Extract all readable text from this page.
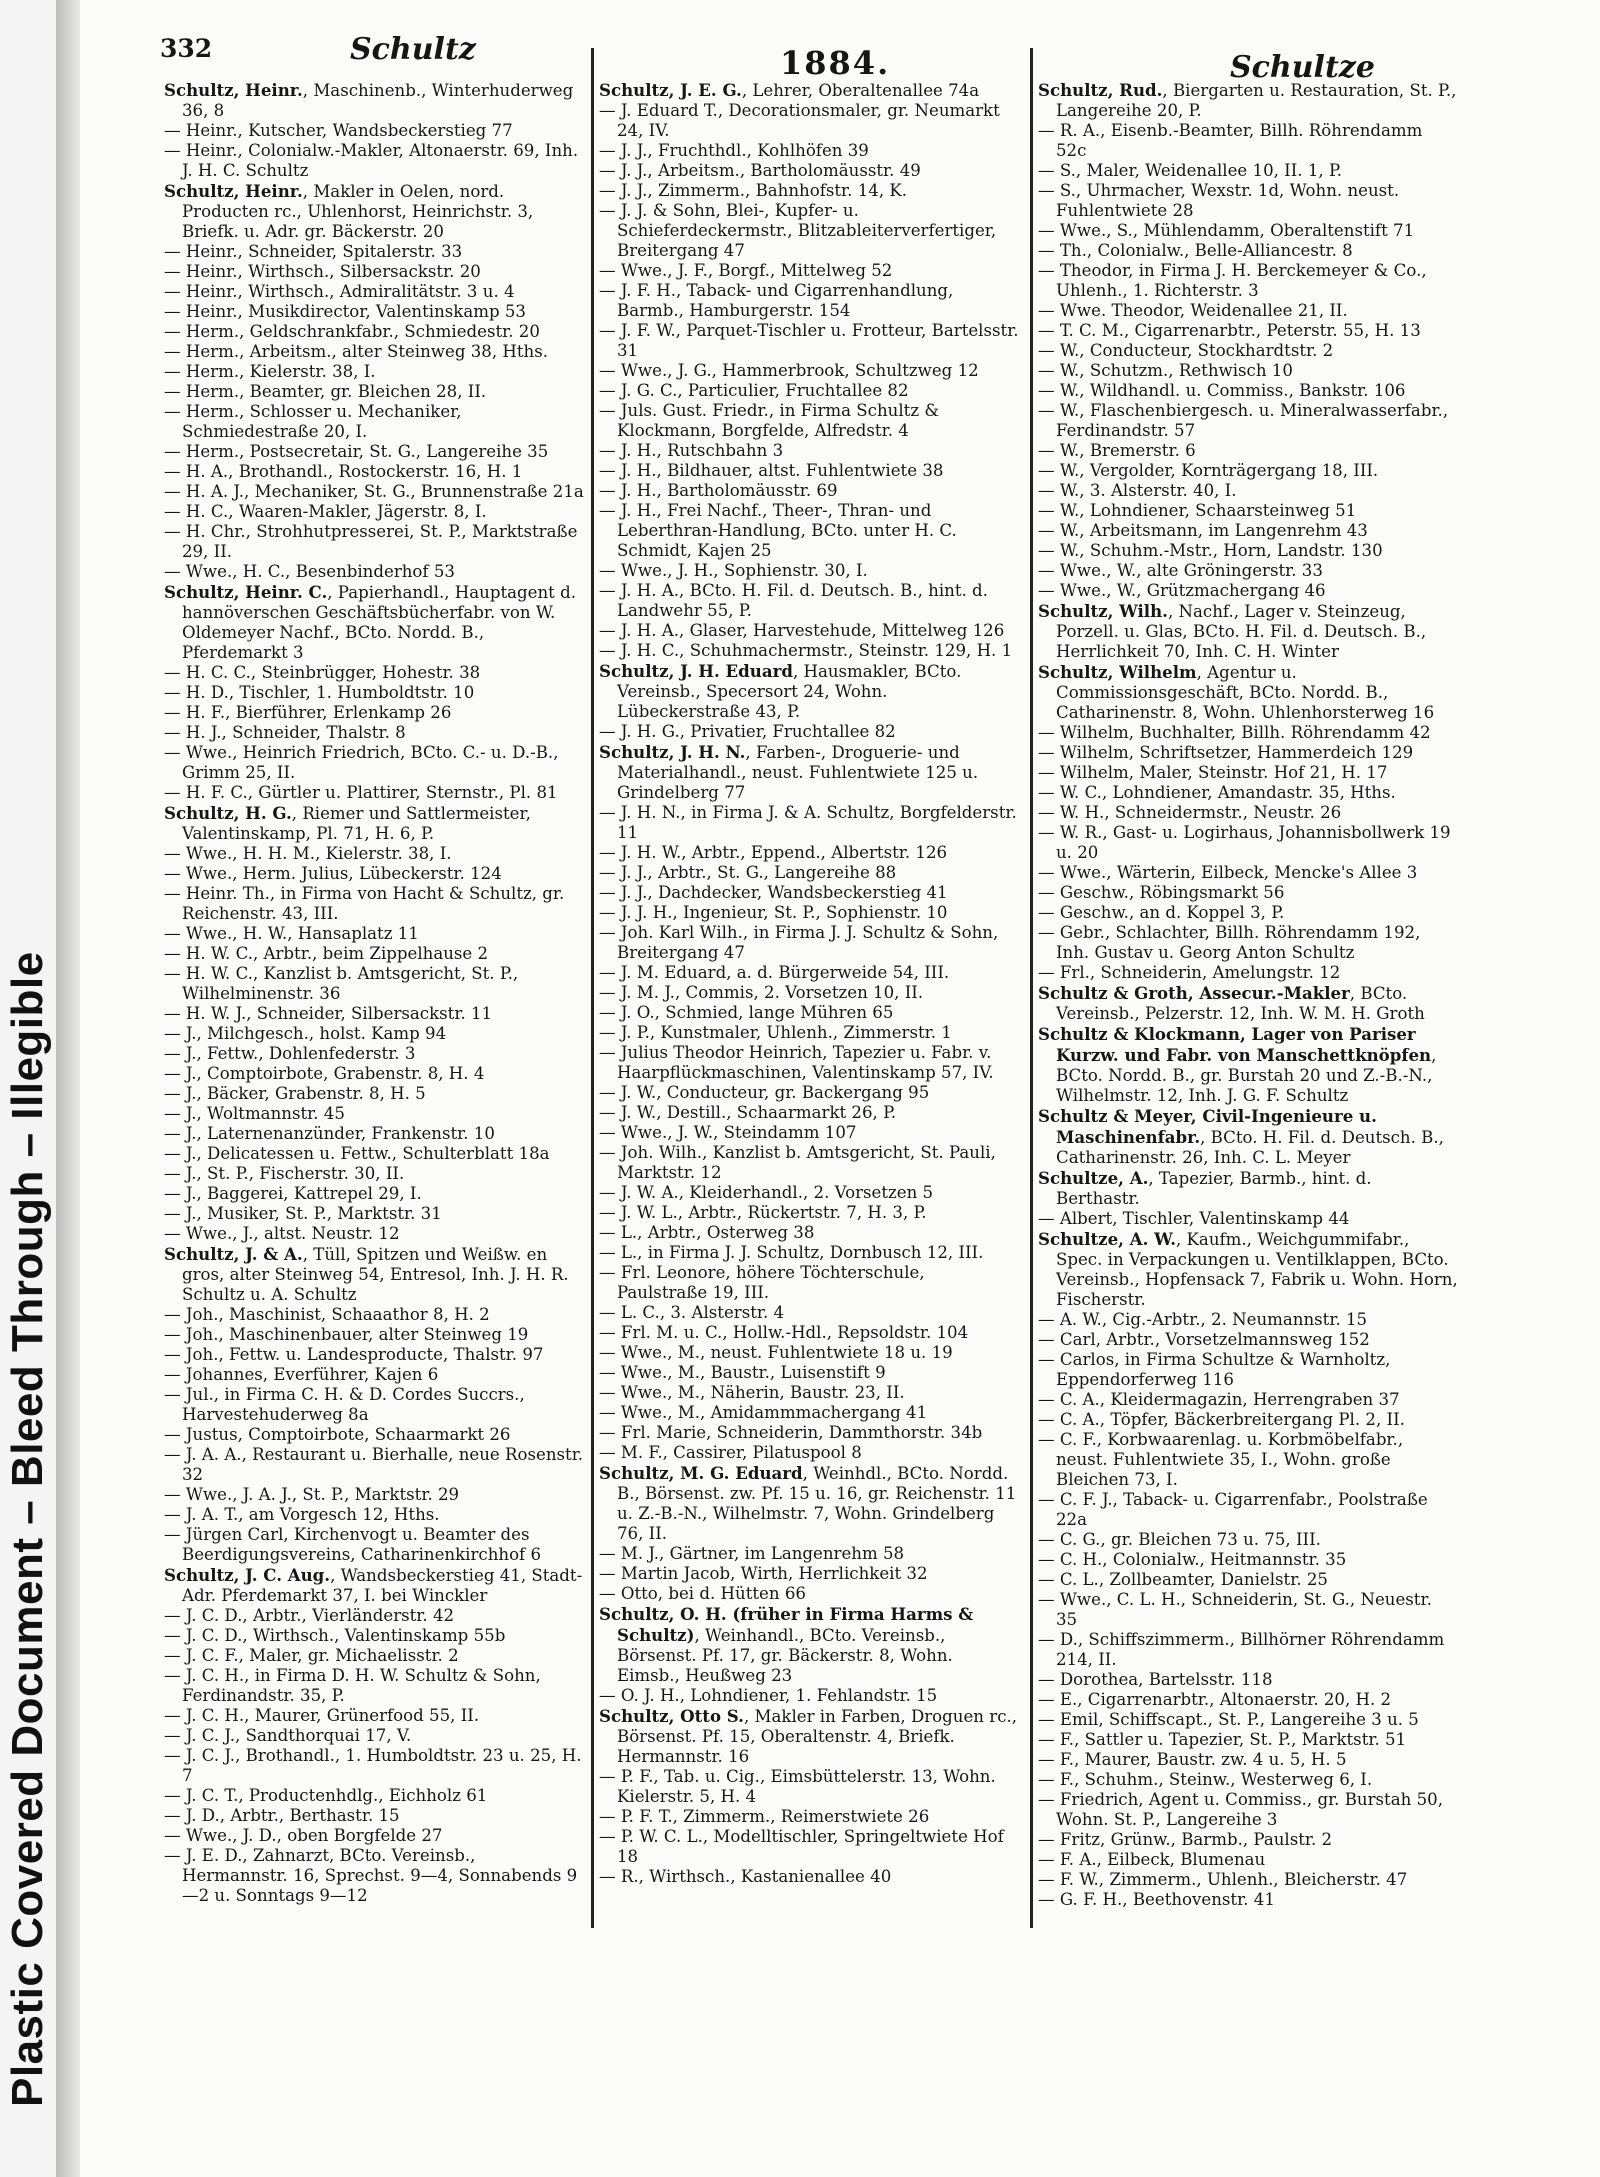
Plastic Covered Document – Bleed Through – Illegible
332	Schultz	1884.	Schultze

Schultz, Heinr., Maschinenb., Winterhuderweg 36, 8

— Heinr., Kutscher, Wandsbeckerstieg 77

— Heinr., Colonialw.-Makler, Altonaerstr. 69, Inh. J. H. C. Schultz

Schultz, Heinr., Makler in Oelen, nord. Producten rc., Uhlenhorst, Heinrichstr. 3, Briefk. u. Adr. gr. Bäckerstr. 20

— Heinr., Schneider, Spitalerstr. 33

— Heinr., Wirthsch., Silbersackstr. 20

— Heinr., Wirthsch., Admiralitätstr. 3 u. 4

— Heinr., Musikdirector, Valentinskamp 53

— Herm., Geldschrankfabr., Schmiedestr. 20

— Herm., Arbeitsm., alter Steinweg 38, Hths.

— Herm., Kielerstr. 38, I.

— Herm., Beamter, gr. Bleichen 28, II.

— Herm., Schlosser u. Mechaniker, Schmiedestraße 20, I.

— Herm., Postsecretair, St. G., Langereihe 35

— H. A., Brothandl., Rostockerstr. 16, H. 1

— H. A. J., Mechaniker, St. G., Brunnenstraße 21a

— H. C., Waaren-Makler, Jägerstr. 8, I.

— H. Chr., Strohhutpresserei, St. P., Marktstraße 29, II.

— Wwe., H. C., Besenbinderhof 53

Schultz, Heinr. C., Papierhandl., Hauptagent d. hannöverschen Geschäftsbücherfabr. von W. Oldemeyer Nachf., BCto. Nordd. B., Pferdemarkt 3

— H. C. C., Steinbrügger, Hohestr. 38

— H. D., Tischler, 1. Humboldtstr. 10

— H. F., Bierführer, Erlenkamp 26

— H. J., Schneider, Thalstr. 8

— Wwe., Heinrich Friedrich, BCto. C.- u. D.-B., Grimm 25, II.

— H. F. C., Gürtler u. Plattirer, Sternstr., Pl. 81

Schultz, H. G., Riemer und Sattlermeister, Valentinskamp, Pl. 71, H. 6, P.

— Wwe., H. H. M., Kielerstr. 38, I.

— Wwe., Herm. Julius, Lübeckerstr. 124

— Heinr. Th., in Firma von Hacht & Schultz, gr. Reichenstr. 43, III.

— Wwe., H. W., Hansaplatz 11

— H. W. C., Arbtr., beim Zippelhause 2

— H. W. C., Kanzlist b. Amtsgericht, St. P., Wilhelminenstr. 36

— H. W. J., Schneider, Silbersackstr. 11

— J., Milchgesch., holst. Kamp 94

— J., Fettw., Dohlenfederstr. 3

— J., Comptoirbote, Grabenstr. 8, H. 4

— J., Bäcker, Grabenstr. 8, H. 5

— J., Woltmannstr. 45

— J., Laternenanzünder, Frankenstr. 10

— J., Delicatessen u. Fettw., Schulterblatt 18a

— J., St. P., Fischerstr. 30, II.

— J., Baggerei, Kattrepel 29, I.

— J., Musiker, St. P., Marktstr. 31

— Wwe., J., altst. Neustr. 12

Schultz, J. & A., Tüll, Spitzen und Weißw. en gros, alter Steinweg 54, Entresol, Inh. J. H. R. Schultz u. A. Schultz

— Joh., Maschinist, Schaaathor 8, H. 2

— Joh., Maschinenbauer, alter Steinweg 19

— Joh., Fettw. u. Landesproducte, Thalstr. 97

— Johannes, Everführer, Kajen 6

— Jul., in Firma C. H. & D. Cordes Succrs., Harvestehuderweg 8a

— Justus, Comptoirbote, Schaarmarkt 26

— J. A. A., Restaurant u. Bierhalle, neue Rosenstr. 32

— Wwe., J. A. J., St. P., Marktstr. 29

— J. A. T., am Vorgesch 12, Hths.

— Jürgen Carl, Kirchenvogt u. Beamter des Beerdigungsvereins, Catharinenkirchhof 6

Schultz, J. C. Aug., Wandsbeckerstieg 41, Stadt-Adr. Pferdemarkt 37, I. bei Winckler

— J. C. D., Arbtr., Vierländerstr. 42

— J. C. D., Wirthsch., Valentinskamp 55b

— J. C. F., Maler, gr. Michaelisstr. 2

— J. C. H., in Firma D. H. W. Schultz & Sohn, Ferdinandstr. 35, P.

— J. C. H., Maurer, Grünerfood 55, II.

— J. C. J., Sandthorquai 17, V.

— J. C. J., Brothandl., 1. Humboldtstr. 23 u. 25, H. 7

— J. C. T., Productenhdlg., Eichholz 61

— J. D., Arbtr., Berthastr. 15

— Wwe., J. D., oben Borgfelde 27

— J. E. D., Zahnarzt, BCto. Vereinsb., Hermannstr. 16, Sprechst. 9—4, Sonnabends 9—2 u. Sonntags 9—12

Schultz, J. E. G., Lehrer, Oberaltenallee 74a

— J. Eduard T., Decorationsmaler, gr. Neumarkt 24, IV.

— J. J., Fruchthdl., Kohlhöfen 39

— J. J., Arbeitsm., Bartholomäusstr. 49

— J. J., Zimmerm., Bahnhofstr. 14, K.

— J. J. & Sohn, Blei-, Kupfer- u. Schieferdeckermstr., Blitzableiterverfertiger, Breitergang 47

— Wwe., J. F., Borgf., Mittelweg 52

— J. F. H., Taback- und Cigarrenhandlung, Barmb., Hamburgerstr. 154

— J. F. W., Parquet-Tischler u. Frotteur, Bartelsstr. 31

— Wwe., J. G., Hammerbrook, Schultzweg 12

— J. G. C., Particulier, Fruchtallee 82

— Juls. Gust. Friedr., in Firma Schultz & Klockmann, Borgfelde, Alfredstr. 4

— J. H., Rutschbahn 3

— J. H., Bildhauer, altst. Fuhlentwiete 38

— J. H., Bartholomäusstr. 69

— J. H., Frei Nachf., Theer-, Thran- und Leberthran-Handlung, BCto. unter H. C. Schmidt, Kajen 25

— Wwe., J. H., Sophienstr. 30, I.

— J. H. A., BCto. H. Fil. d. Deutsch. B., hint. d. Landwehr 55, P.

— J. H. A., Glaser, Harvestehude, Mittelweg 126

— J. H. C., Schuhmachermstr., Steinstr. 129, H. 1

Schultz, J. H. Eduard, Hausmakler, BCto. Vereinsb., Specersort 24, Wohn. Lübeckerstraße 43, P.

— J. H. G., Privatier, Fruchtallee 82

Schultz, J. H. N., Farben-, Droguerie- und Materialhandl., neust. Fuhlentwiete 125 u. Grindelberg 77

— J. H. N., in Firma J. & A. Schultz, Borgfelderstr. 11

— J. H. W., Arbtr., Eppend., Albertstr. 126

— J. J., Arbtr., St. G., Langereihe 88

— J. J., Dachdecker, Wandsbeckerstieg 41

— J. J. H., Ingenieur, St. P., Sophienstr. 10

— Joh. Karl Wilh., in Firma J. J. Schultz & Sohn, Breitergang 47

— J. M. Eduard, a. d. Bürgerweide 54, III.

— J. M. J., Commis, 2. Vorsetzen 10, II.

— J. O., Schmied, lange Mühren 65

— J. P., Kunstmaler, Uhlenh., Zimmerstr. 1

— Julius Theodor Heinrich, Tapezier u. Fabr. v. Haarpflückmaschinen, Valentinskamp 57, IV.

— J. W., Conducteur, gr. Backergang 95

— J. W., Destill., Schaarmarkt 26, P.

— Wwe., J. W., Steindamm 107

— Joh. Wilh., Kanzlist b. Amtsgericht, St. Pauli, Marktstr. 12

— J. W. A., Kleiderhandl., 2. Vorsetzen 5

— J. W. L., Arbtr., Rückertstr. 7, H. 3, P.

— L., Arbtr., Osterweg 38

— L., in Firma J. J. Schultz, Dornbusch 12, III.

— Frl. Leonore, höhere Töchterschule, Paulstraße 19, III.

— L. C., 3. Alsterstr. 4

— Frl. M. u. C., Hollw.-Hdl., Repsoldstr. 104

— Wwe., M., neust. Fuhlentwiete 18 u. 19

— Wwe., M., Baustr., Luisenstift 9

— Wwe., M., Näherin, Baustr. 23, II.

— Wwe., M., Amidammmachergang 41

— Frl. Marie, Schneiderin, Dammthorstr. 34b

— M. F., Cassirer, Pilatuspool 8

Schultz, M. G. Eduard, Weinhdl., BCto. Nordd. B., Börsenst. zw. Pf. 15 u. 16, gr. Reichenstr. 11 u. Z.-B.-N., Wilhelmstr. 7, Wohn. Grindelberg 76, II.

— M. J., Gärtner, im Langenrehm 58

— Martin Jacob, Wirth, Herrlichkeit 32

— Otto, bei d. Hütten 66

Schultz, O. H. (früher in Firma Harms & Schultz), Weinhandl., BCto. Vereinsb., Börsenst. Pf. 17, gr. Bäckerstr. 8, Wohn. Eimsb., Heußweg 23

— O. J. H., Lohndiener, 1. Fehlandstr. 15

Schultz, Otto S., Makler in Farben, Droguen rc., Börsenst. Pf. 15, Oberaltenstr. 4, Briefk. Hermannstr. 16

— P. F., Tab. u. Cig., Eimsbüttelerstr. 13, Wohn. Kielerstr. 5, H. 4

— P. F. T., Zimmerm., Reimerstwiete 26

— P. W. C. L., Modelltischler, Springeltwiete Hof 18

— R., Wirthsch., Kastanienallee 40

Schultz, Rud., Biergarten u. Restauration, St. P., Langereihe 20, P.

— R. A., Eisenb.-Beamter, Billh. Röhrendamm 52c

— S., Maler, Weidenallee 10, II. 1, P.

— S., Uhrmacher, Wexstr. 1d, Wohn. neust. Fuhlentwiete 28

— Wwe., S., Mühlendamm, Oberaltenstift 71

— Th., Colonialw., Belle-Alliancestr. 8

— Theodor, in Firma J. H. Berckemeyer & Co., Uhlenh., 1. Richterstr. 3

— Wwe. Theodor, Weidenallee 21, II.

— T. C. M., Cigarrenarbtr., Peterstr. 55, H. 13

— W., Conducteur, Stockhardtstr. 2

— W., Schutzm., Rethwisch 10

— W., Wildhandl. u. Commiss., Bankstr. 106

— W., Flaschenbiergesch. u. Mineralwasserfabr., Ferdinandstr. 57

— W., Bremerstr. 6

— W., Vergolder, Kornträgergang 18, III.

— W., 3. Alsterstr. 40, I.

— W., Lohndiener, Schaarsteinweg 51

— W., Arbeitsmann, im Langenrehm 43

— W., Schuhm.-Mstr., Horn, Landstr. 130

— Wwe., W., alte Gröningerstr. 33

— Wwe., W., Grützmachergang 46

Schultz, Wilh., Nachf., Lager v. Steinzeug, Porzell. u. Glas, BCto. H. Fil. d. Deutsch. B., Herrlichkeit 70, Inh. C. H. Winter

Schultz, Wilhelm, Agentur u. Commissionsgeschäft, BCto. Nordd. B., Catharinenstr. 8, Wohn. Uhlenhorsterweg 16

— Wilhelm, Buchhalter, Billh. Röhrendamm 42

— Wilhelm, Schriftsetzer, Hammerdeich 129

— Wilhelm, Maler, Steinstr. Hof 21, H. 17

— W. C., Lohndiener, Amandastr. 35, Hths.

— W. H., Schneidermstr., Neustr. 26

— W. R., Gast- u. Logirhaus, Johannisbollwerk 19 u. 20

— Wwe., Wärterin, Eilbeck, Mencke's Allee 3

— Geschw., Röbingsmarkt 56

— Geschw., an d. Koppel 3, P.

— Gebr., Schlachter, Billh. Röhrendamm 192, Inh. Gustav u. Georg Anton Schultz

— Frl., Schneiderin, Amelungstr. 12

Schultz & Groth, Assecur.-Makler, BCto. Vereinsb., Pelzerstr. 12, Inh. W. M. H. Groth

Schultz & Klockmann, Lager von Pariser Kurzw. und Fabr. von Manschettknöpfen, BCto. Nordd. B., gr. Burstah 20 und Z.-B.-N., Wilhelmstr. 12, Inh. J. G. F. Schultz

Schultz & Meyer, Civil-Ingenieure u. Maschinenfabr., BCto. H. Fil. d. Deutsch. B., Catharinenstr. 26, Inh. C. L. Meyer

Schultze, A., Tapezier, Barmb., hint. d. Berthastr.

— Albert, Tischler, Valentinskamp 44

Schultze, A. W., Kaufm., Weichgummifabr., Spec. in Verpackungen u. Ventilklappen, BCto. Vereinsb., Hopfensack 7, Fabrik u. Wohn. Horn, Fischerstr.

— A. W., Cig.-Arbtr., 2. Neumannstr. 15

— Carl, Arbtr., Vorsetzelmannsweg 152

— Carlos, in Firma Schultze & Warnholtz, Eppendorferweg 116

— C. A., Kleidermagazin, Herrengraben 37

— C. A., Töpfer, Bäckerbreitergang Pl. 2, II.

— C. F., Korbwaarenlag. u. Korbmöbelfabr., neust. Fuhlentwiete 35, I., Wohn. große Bleichen 73, I.

— C. F. J., Taback- u. Cigarrenfabr., Poolstraße 22a

— C. G., gr. Bleichen 73 u. 75, III.

— C. H., Colonialw., Heitmannstr. 35

— C. L., Zollbeamter, Danielstr. 25

— Wwe., C. L. H., Schneiderin, St. G., Neuestr. 35

— D., Schiffszimmerm., Billhörner Röhrendamm 214, II.

— Dorothea, Bartelsstr. 118

— E., Cigarrenarbtr., Altonaerstr. 20, H. 2

— Emil, Schiffscapt., St. P., Langereihe 3 u. 5

— F., Sattler u. Tapezier, St. P., Marktstr. 51

— F., Maurer, Baustr. zw. 4 u. 5, H. 5

— F., Schuhm., Steinw., Westerweg 6, I.

— Friedrich, Agent u. Commiss., gr. Burstah 50, Wohn. St. P., Langereihe 3

— Fritz, Grünw., Barmb., Paulstr. 2

— F. A., Eilbeck, Blumenau

— F. W., Zimmerm., Uhlenh., Bleicherstr. 47

— G. F. H., Beethovenstr. 41
